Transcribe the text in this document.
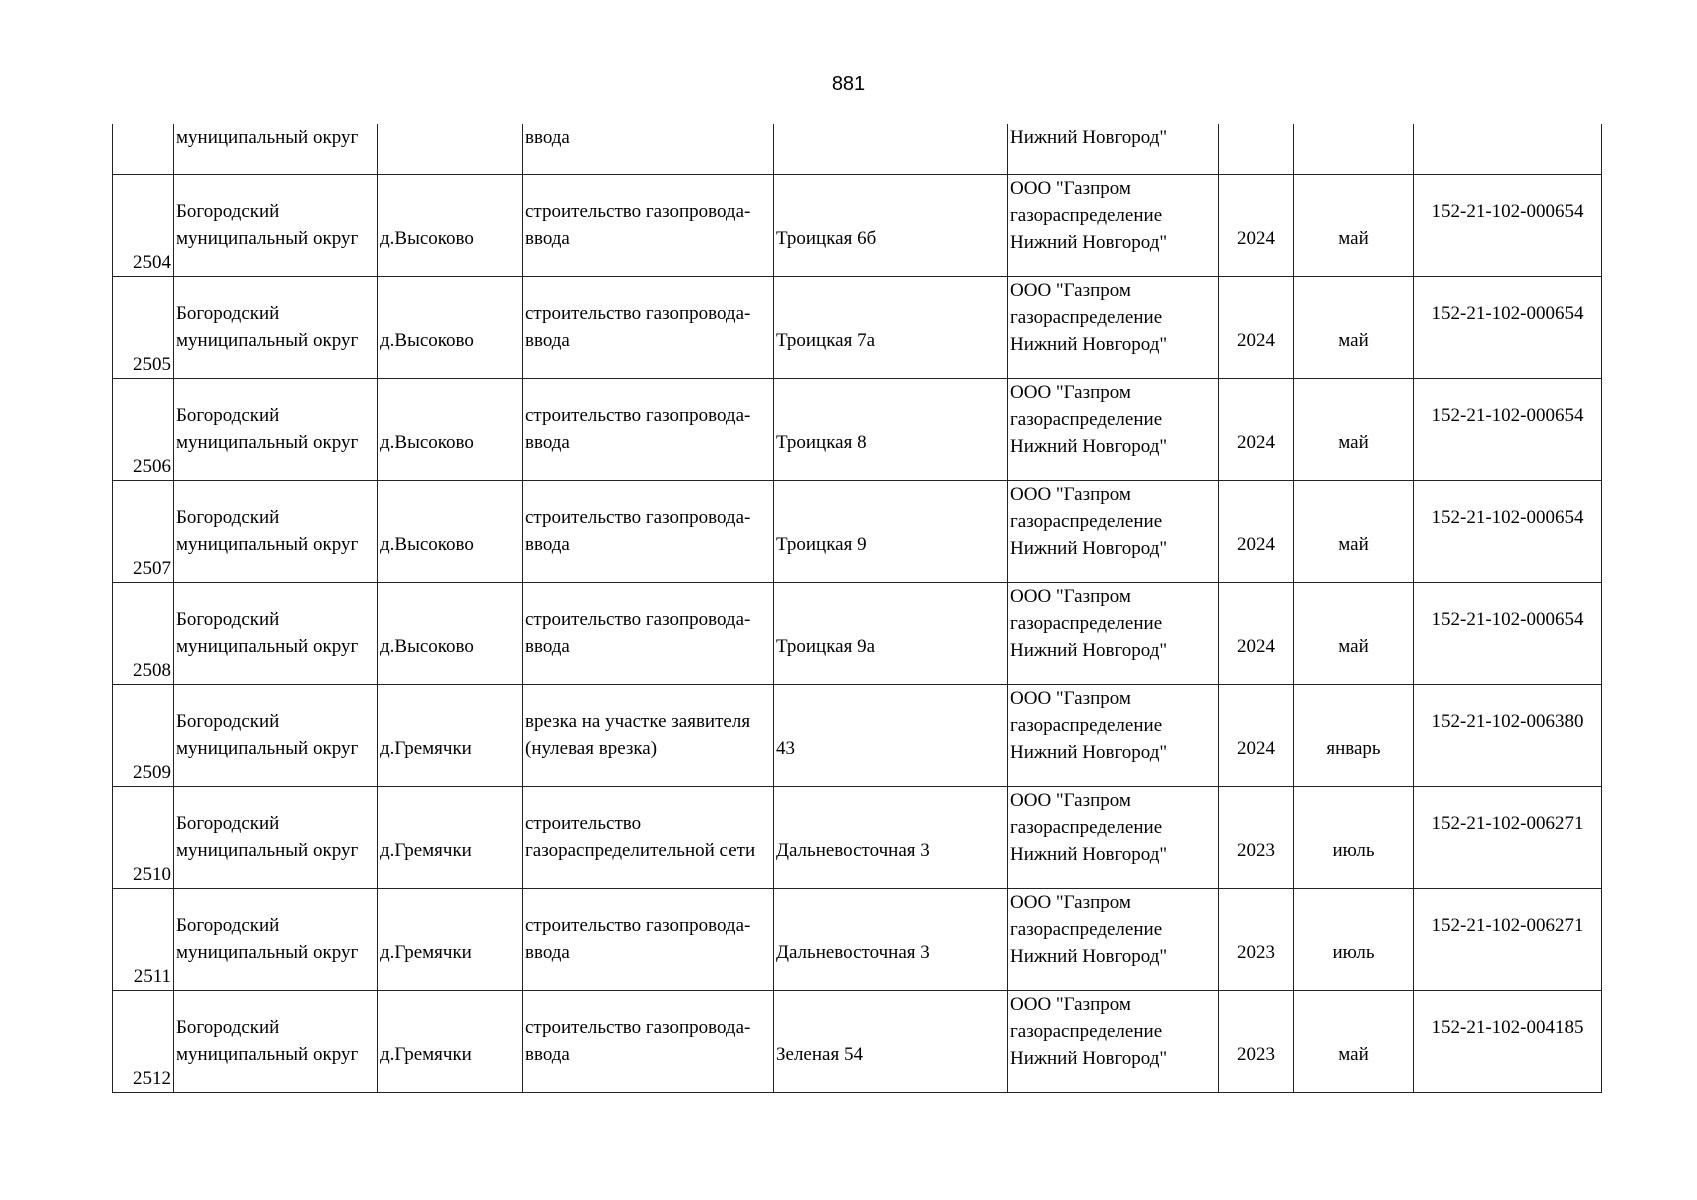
881

	муниципальный округ		ввода		Нижний Новгород"			

2504	Богородский
муниципальный округ	д.Высоково	строительство газопровода-
ввода	Троицкая 6б	ООО "Газпром
газораспределение
Нижний Новгород"	2024	май	152-21-102-000654

2505	Богородский
муниципальный округ	д.Высоково	строительство газопровода-
ввода	Троицкая 7а	ООО "Газпром
газораспределение
Нижний Новгород"	2024	май	152-21-102-000654

2506	Богородский
муниципальный округ	д.Высоково	строительство газопровода-
ввода	Троицкая 8	ООО "Газпром
газораспределение
Нижний Новгород"	2024	май	152-21-102-000654

2507	Богородский
муниципальный округ	д.Высоково	строительство газопровода-
ввода	Троицкая 9	ООО "Газпром
газораспределение
Нижний Новгород"	2024	май	152-21-102-000654

2508	Богородский
муниципальный округ	д.Высоково	строительство газопровода-
ввода	Троицкая 9а	ООО "Газпром
газораспределение
Нижний Новгород"	2024	май	152-21-102-000654

2509	Богородский
муниципальный округ	д.Гремячки	врезка на участке заявителя
(нулевая врезка)	43	ООО "Газпром
газораспределение
Нижний Новгород"	2024	январь	152-21-102-006380

2510	Богородский
муниципальный округ	д.Гремячки	строительство
газораспределительной сети	Дальневосточная 3	ООО "Газпром
газораспределение
Нижний Новгород"	2023	июль	152-21-102-006271

2511	Богородский
муниципальный округ	д.Гремячки	строительство газопровода-
ввода	Дальневосточная 3	ООО "Газпром
газораспределение
Нижний Новгород"	2023	июль	152-21-102-006271

2512	Богородский
муниципальный округ	д.Гремячки	строительство газопровода-
ввода	Зеленая 54	ООО "Газпром
газораспределение
Нижний Новгород"	2023	май	152-21-102-004185
